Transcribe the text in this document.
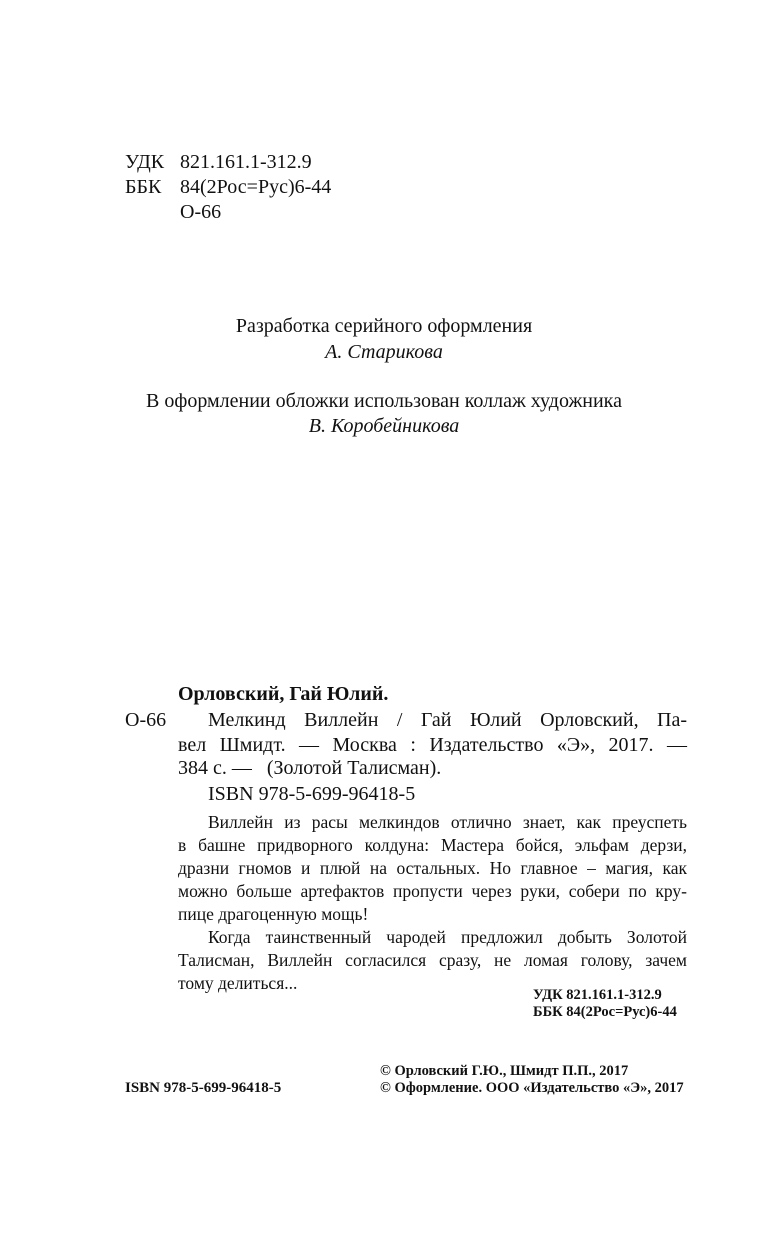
УДК 821.161.1-312.9
ББК 84(2Рос=Рус)6-44
О-66
Разработка серийного оформления
А. Старикова
В оформлении обложки использован коллаж художника
В. Коробейникова
Орловский, Гай Юлий.
О-66 Мелкинд Виллейн / Гай Юлий Орловский, Па-
вел Шмидт. — Москва : Издательство «Э», 2017. —
384 с. —   (Золотой Талисман).
ISBN 978-5-699-96418-5
Виллейн из расы мелкиндов отлично знает, как преуспеть
в башне придворного колдуна: Мастера бойся, эльфам дерзи,
дразни гномов и плюй на остальных. Но главное – магия, как
можно больше артефактов пропусти через руки, собери по кру-
пице драгоценную мощь!
Когда таинственный чародей предложил добыть Золотой
Талисман, Виллейн согласился сразу, не ломая голову, зачем
тому делиться...
УДК 821.161.1-312.9
ББК 84(2Рос=Рус)6-44
ISBN 978-5-699-96418-5
© Орловский Г.Ю., Шмидт П.П., 2017
© Оформление. ООО «Издательство «Э», 2017
